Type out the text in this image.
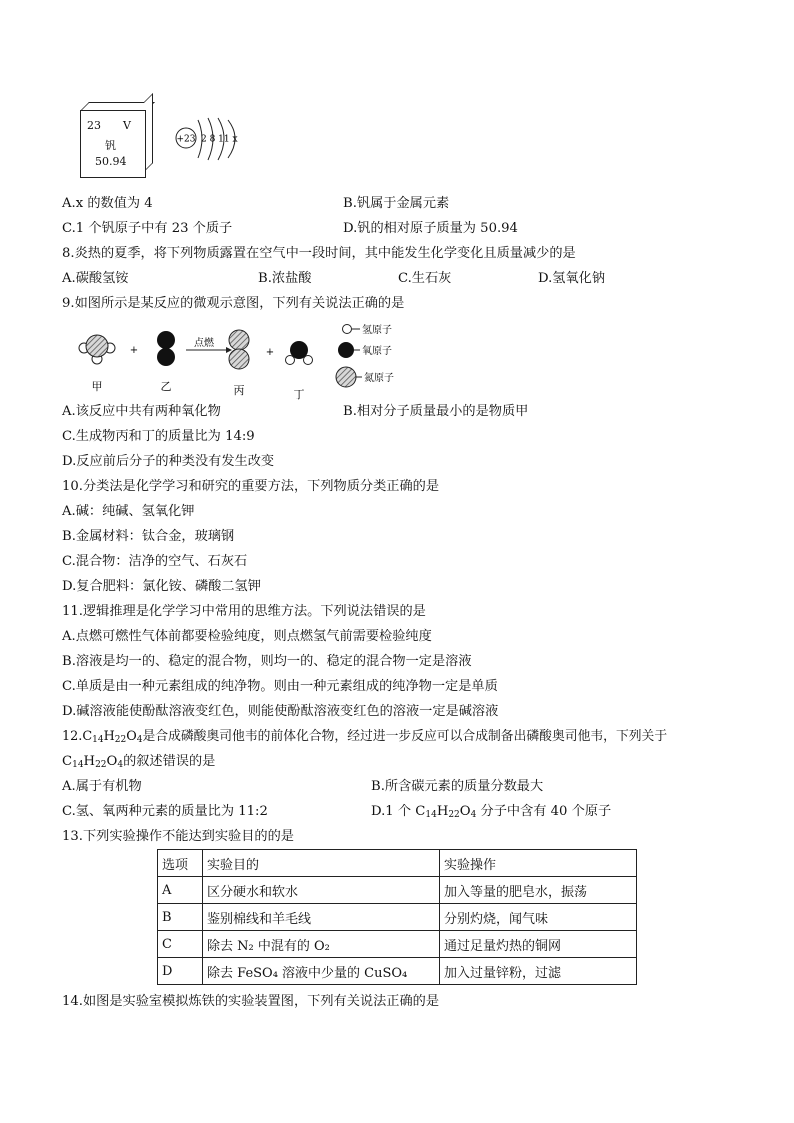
23 V
钒
50.94
+23 2 8 11 x
A.x 的数值为 4	B.钒属于金属元素
C.1 个钒原子中有 23 个质子	D.钒的相对原子质量为 50.94
8.炎热的夏季，将下列物质露置在空气中一段时间，其中能发生化学变化且质量减少的是
A.碳酸氢铵	B.浓盐酸	C.生石灰	D.氢氧化钠
9.如图所示是某反应的微观示意图，下列有关说法正确的是
+
点燃
+
甲	乙	丙	丁
氢原子
氧原子
氮原子
A.该反应中共有两种氧化物	B.相对分子质量最小的是物质甲
C.生成物丙和丁的质量比为 14:9
D.反应前后分子的种类没有发生改变
10.分类法是化学学习和研究的重要方法，下列物质分类正确的是
A.碱：纯碱、氢氧化钾
B.金属材料：钛合金，玻璃钢
C.混合物：洁净的空气、石灰石
D.复合肥料：氯化铵、磷酸二氢钾
11.逻辑推理是化学学习中常用的思维方法。下列说法错误的是
A.点燃可燃性气体前都要检验纯度，则点燃氢气前需要检验纯度
B.溶液是均一的、稳定的混合物，则均一的、稳定的混合物一定是溶液
C.单质是由一种元素组成的纯净物。则由一种元素组成的纯净物一定是单质
D.碱溶液能使酚酞溶液变红色，则能使酚酞溶液变红色的溶液一定是碱溶液
$12.C_{14}H_{22}O_4$是合成磷酸奥司他韦的前体化合物，经过进一步反应可以合成制备出磷酸奥司他韦，下列关于
$C_{14}H_{22}O_4$的叙述错误的是
A.属于有机物	B.所含碳元素的质量分数最大
C.氢、氧两种元素的质量比为 11:2	D.1 个 $C_{14}H_{22}O_4$ 分子中含有 40 个原子
13.下列实验操作不能达到实验目的的是
选项	实验目的	实验操作
A	区分硬水和软水	加入等量的肥皂水，振荡
B	鉴别棉线和羊毛线	分别灼烧，闻气味
C	除去 N₂ 中混有的 O₂	通过足量灼热的铜网
D	除去 FeSO₄ 溶液中少量的 CuSO₄	加入过量锌粉，过滤
14.如图是实验室模拟炼铁的实验装置图，下列有关说法正确的是
